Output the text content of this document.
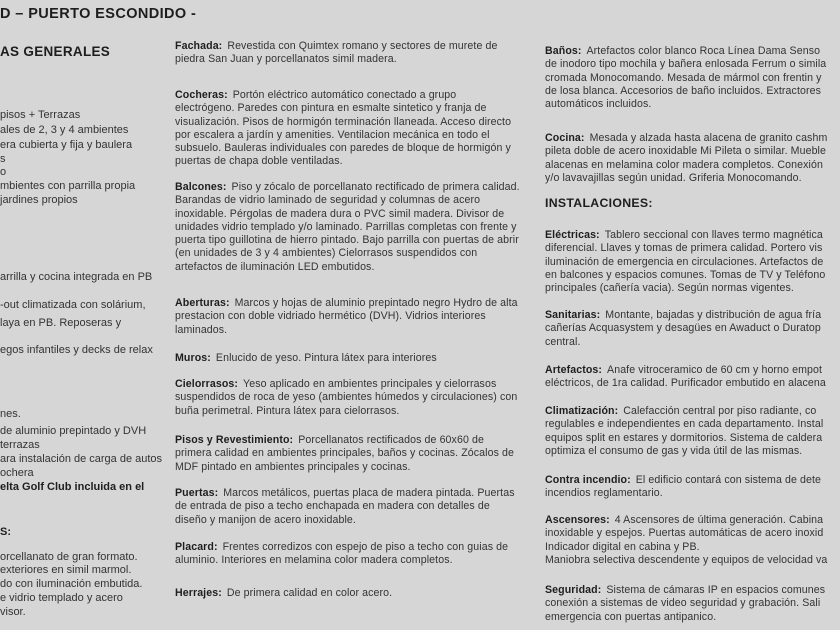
D – PUERTO ESCONDIDO -
AS GENERALES
pisos + Terrazas
ales de 2, 3 y 4 ambientes
era cubierta y fija y baulera
s
o
mbientes con parrilla propia
jardines propios
arrilla y cocina integrada en PB
-out climatizada con solárium,
laya en PB. Reposeras y
egos infantiles y decks de relax
nes.
de aluminio prepintado y DVH
terrazas
ara instalación de carga de autos
ochera
elta Golf Club incluida en el
S:
orcellanato de gran formato.
exteriores en simil marmol.
do con iluminación embutida.
e vidrio templado y acero
visor.
Fachada: Revestida con Quimtex romano y sectores de murete de
piedra San Juan y porcellanatos simil madera.
Cocheras: Portón eléctrico automático conectado a grupo
electrógeno. Paredes con pintura en esmalte sintetico y franja de
visualización. Pisos de hormigón terminación llaneada. Acceso directo
por escalera a jardín y amenities. Ventilacion mecánica en todo el
subsuelo. Bauleras individuales con paredes de bloque de hormigón y
puertas de chapa doble ventiladas.
Balcones: Piso y zócalo de porcellanato rectificado de primera calidad.
Barandas de vidrio laminado de seguridad y columnas de acero
inoxidable. Pérgolas de madera dura o PVC simil madera. Divisor de
unidades vidrio templado y/o laminado. Parrillas completas con frente y
puerta tipo guillotina de hierro pintado. Bajo parrilla con puertas de abrir
(en unidades de 3 y 4 ambientes) Cielorrasos suspendidos con
artefactos de iluminación LED embutidos.
Aberturas: Marcos y hojas de aluminio prepintado negro Hydro de alta
prestacion con doble vidriado hermético (DVH). Vidrios interiores
laminados.
Muros: Enlucido de yeso. Pintura látex para interiores
Cielorrasos: Yeso aplicado en ambientes principales y cielorrasos
suspendidos de roca de yeso (ambientes húmedos y circulaciones) con
buña perimetral. Pintura látex para cielorrasos.
Pisos y Revestimiento: Porcellanatos rectificados de 60x60 de
primera calidad en ambientes principales, baños y cocinas. Zócalos de
MDF pintado en ambientes principales y cocinas.
Puertas: Marcos metálicos, puertas placa de madera pintada. Puertas
de entrada de piso a techo enchapada en madera con detalles de
diseño y manijon de acero inoxidable.
Placard: Frentes corredizos con espejo de piso a techo con guias de
aluminio. Interiores en melamina color madera completos.
Herrajes: De primera calidad en color acero.
Baños: Artefactos color blanco Roca Línea Dama Senso
de inodoro tipo mochila y bañera enlosada Ferrum o simila
cromada Monocomando. Mesada de mármol con frentin y
de losa blanca. Accesorios de baño incluidos. Extractores
automáticos incluidos.
Cocina: Mesada y alzada hasta alacena de granito cashm
pileta doble de acero inoxidable Mi Pileta o similar. Mueble
alacenas en melamina color madera completos. Conexión
y/o lavavajillas según unidad. Griferia Monocomando.
INSTALACIONES:
Eléctricas: Tablero seccional con llaves termo magnética
diferencial. Llaves y tomas de primera calidad. Portero vis
iluminación de emergencia en circulaciones. Artefactos de
en balcones y espacios comunes. Tomas de TV y Teléfono
principales (cañería vacia). Según normas vigentes.
Sanitarias: Montante, bajadas y distribución de agua fría
cañerías Acquasystem y desagües en Awaduct o Duratop
central.
Artefactos: Anafe vitroceramico de 60 cm y horno empot
eléctricos, de 1ra calidad. Purificador embutido en alacena
Climatización: Calefacción central por piso radiante, co
regulables e independientes en cada departamento. Instal
equipos split en estares y dormitorios. Sistema de caldera
optimiza el consumo de gas y vida útil de las mismas.
Contra incendio: El edificio contará con sistema de dete
incendios reglamentario.
Ascensores: 4 Ascensores de última generación. Cabina
inoxidable y espejos. Puertas automáticas de acero inoxid
Indicador digital en cabina y PB.
Maniobra selectiva descendente y equipos de velocidad va
Seguridad: Sistema de cámaras IP en espacios comunes
conexión a sistemas de video seguridad y grabación. Sali
emergencia con puertas antipanico.
